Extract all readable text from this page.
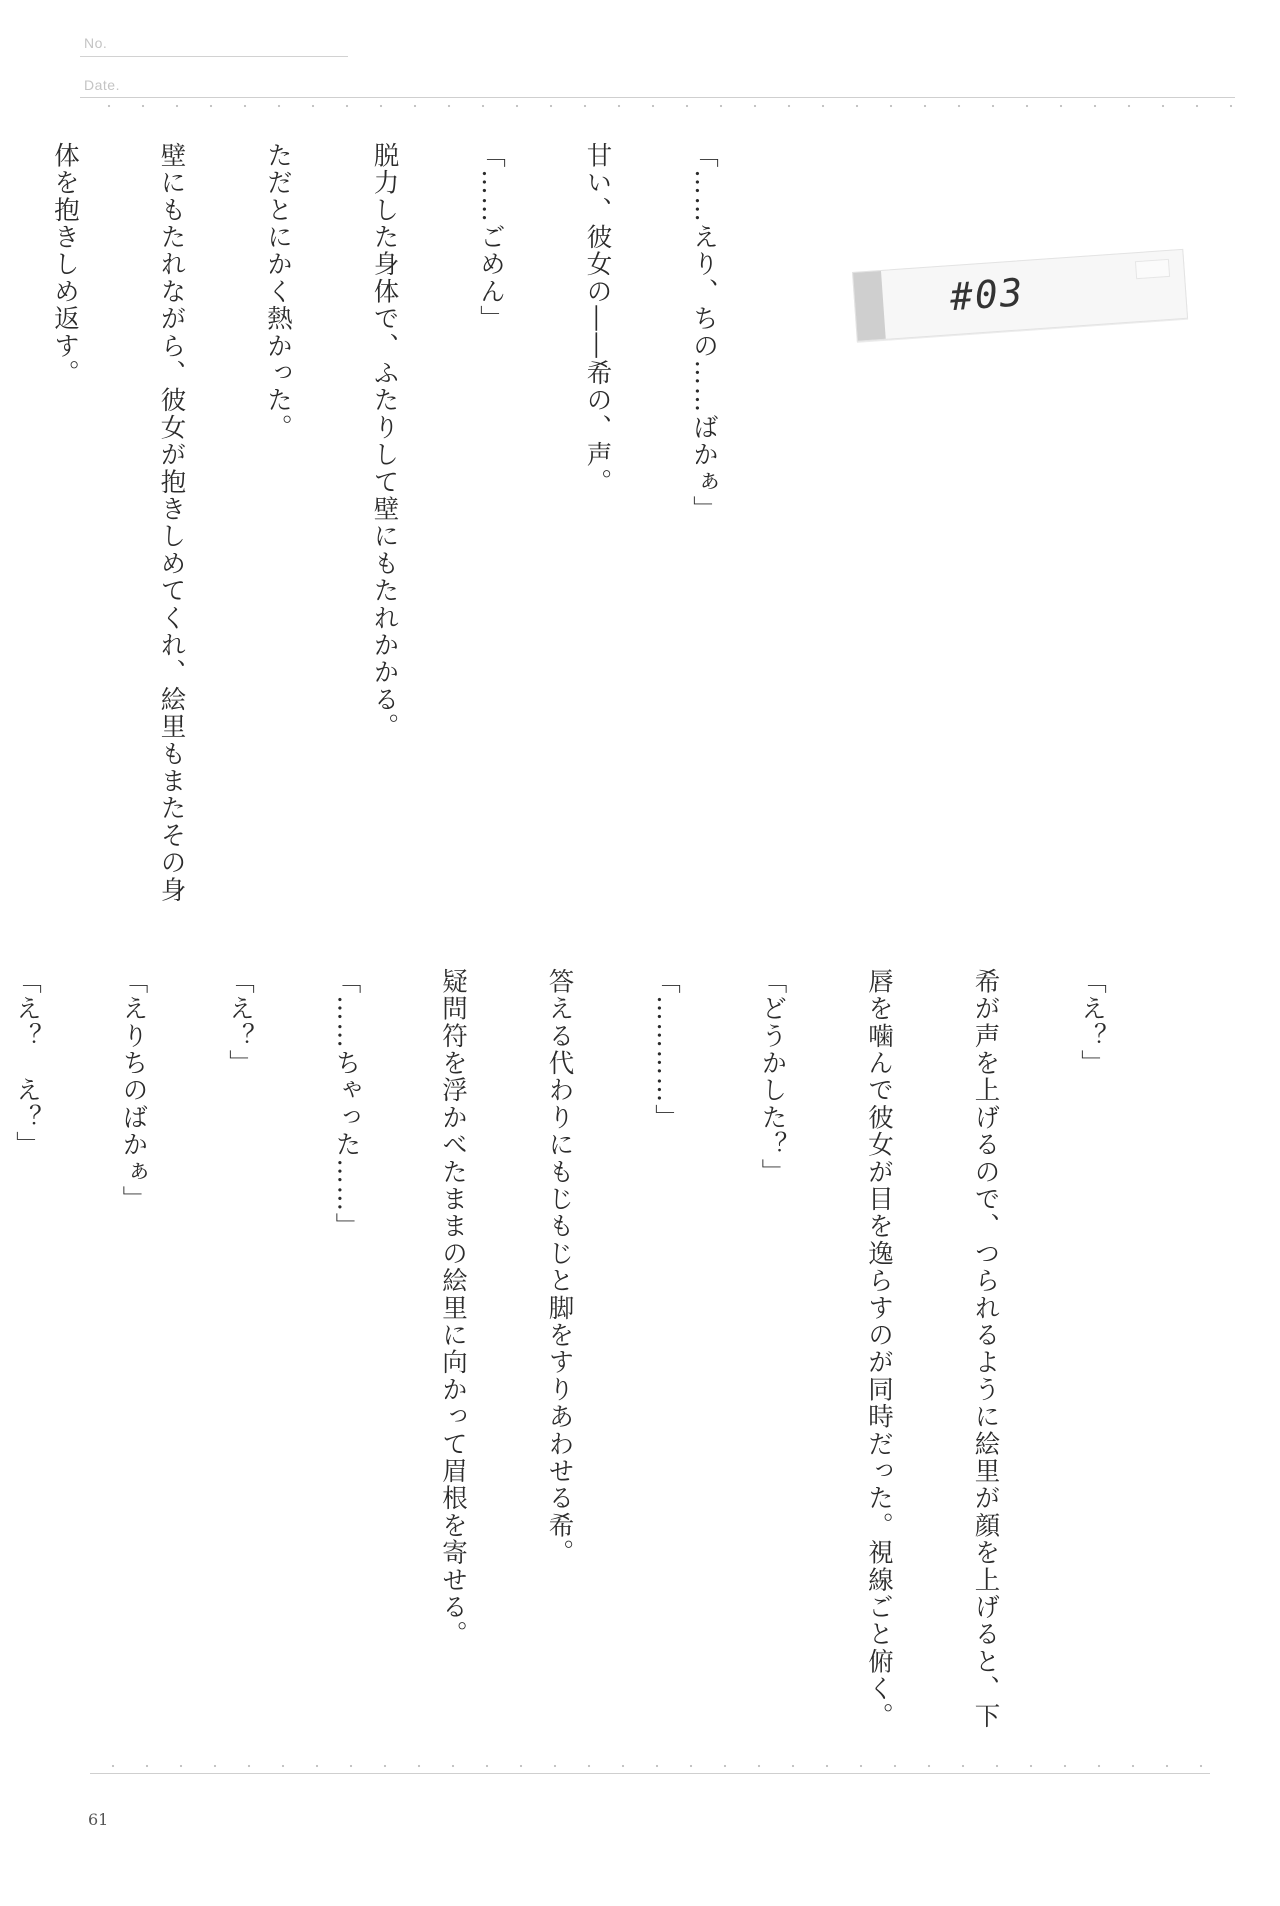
No.
Date.
#03

「……えり、ちの……ばかぁ」

甘い、彼女の――希の、声。

「……ごめん」

脱力した身体で、ふたりして壁にもたれかかる。

ただとにかく熱かった。

壁にもたれながら、彼女が抱きしめてくれ、絵里もまたその身

体を抱きしめ返す。

「え？」

希が声を上げるので、つられるように絵里が顔を上げると、下

唇を噛んで彼女が目を逸らすのが同時だった。視線ごと俯く。

「どうかした？」

「…………」

答える代わりにもじもじと脚をすりあわせる希。

疑問符を浮かべたままの絵里に向かって眉根を寄せる。

「……ちゃった……」

「え？」

「えりちのばかぁ」

「え？　え？」

61
